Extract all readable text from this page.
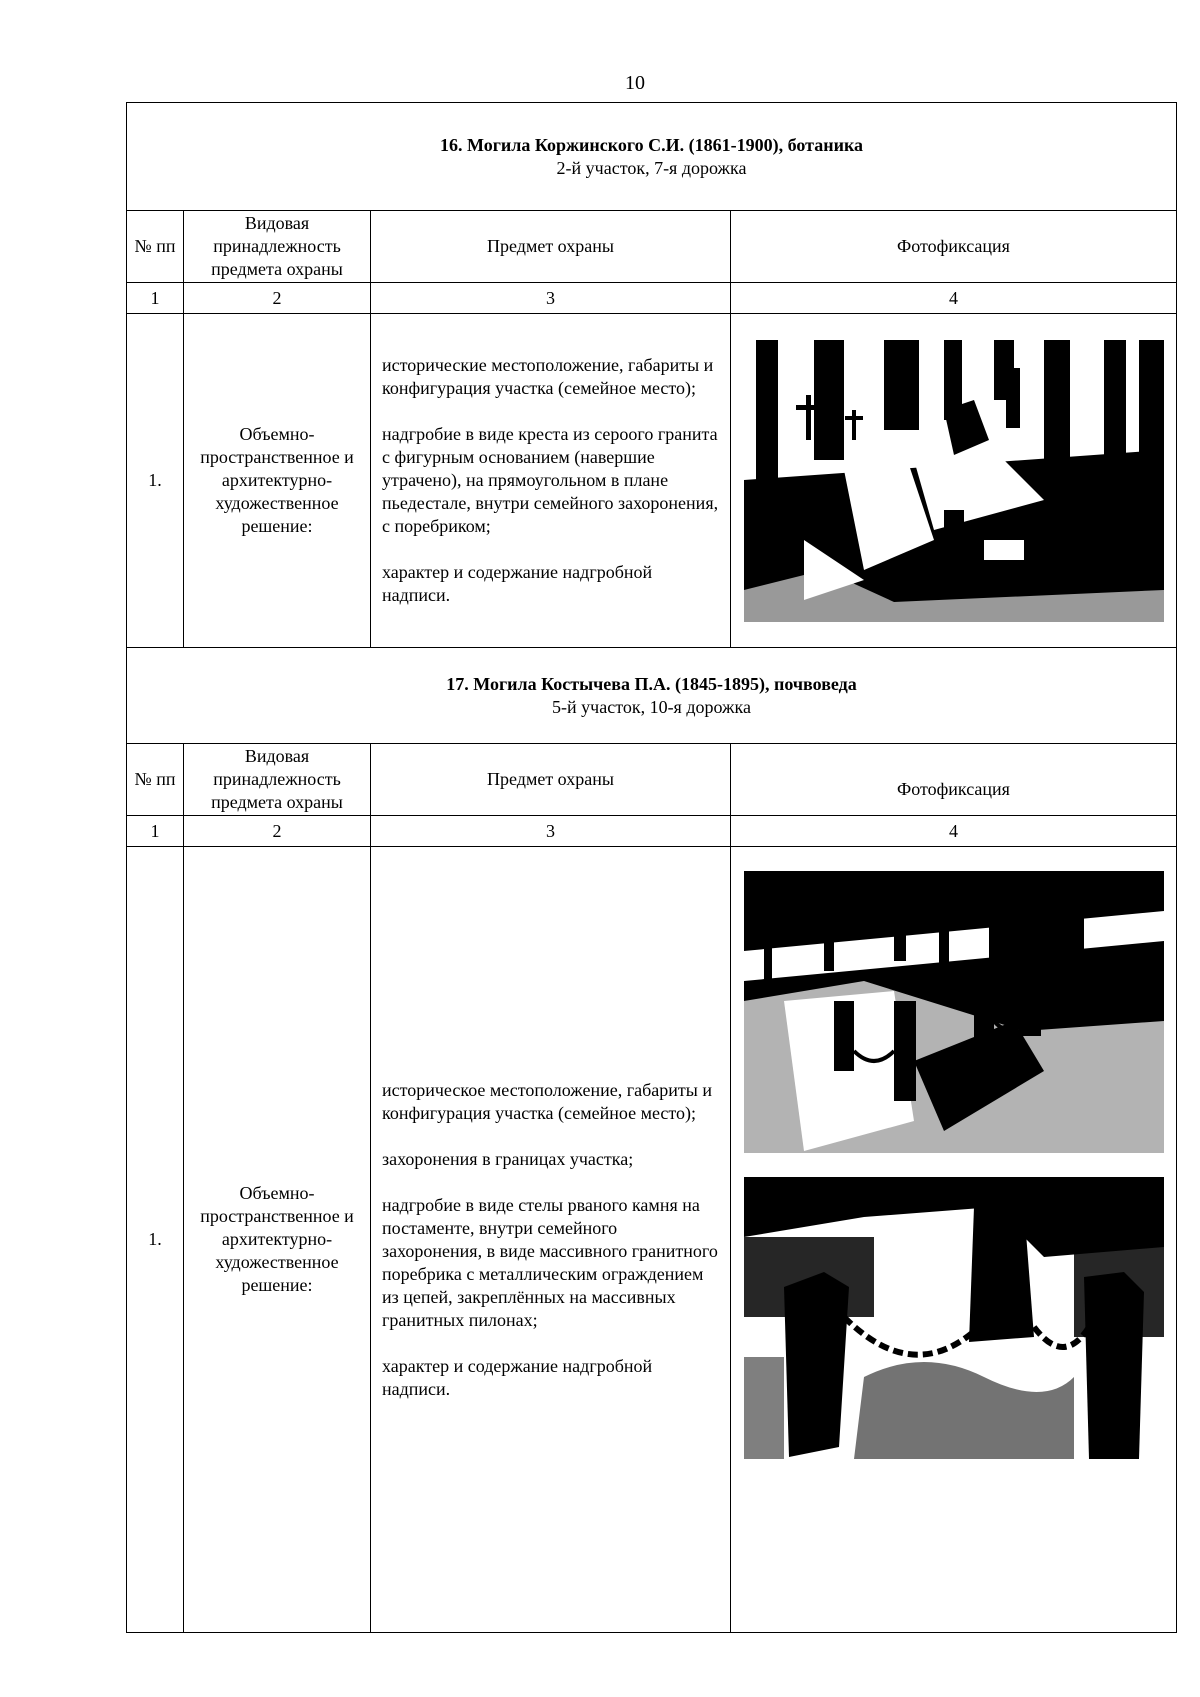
10
16. Могила Коржинского С.И. (1861-1900), ботаника
2-й участок, 7-я дорожка			

№ пп	Видовая принадлежность предмета охраны	Предмет охраны	Фотофиксация
1	2	3	4
1.	Объемно-пространственное и архитектурно-художественное решение:	исторические местоположение, габариты и конфигурация участка (семейное место);

надгробие в виде креста из сероого гранита с фигурным основанием (навершие утрачено), на прямоугольном в плане пьедестале, внутри семейного захоронения, с поребриком;

характер и содержание надгробной надписи.

17. Могила Костычева П.А. (1845-1895), почвоведа
5-й участок, 10-я дорожка			

№ пп	Видовая принадлежность предмета охраны	Предмет охраны	Фотофиксация
1	2	3	4
1.	Объемно-пространственное и архитектурно-художественное решение:	историческое местоположение, габариты и конфигурация участка (семейное место);

захоронения в границах участка;

надгробие в виде стелы рваного камня на постаменте, внутри семейного захоронения, в виде массивного гранитного поребрика с металлическим ограждением из цепей, закреплённых на массивных гранитных пилонах;

характер и содержание надгробной надписи.
